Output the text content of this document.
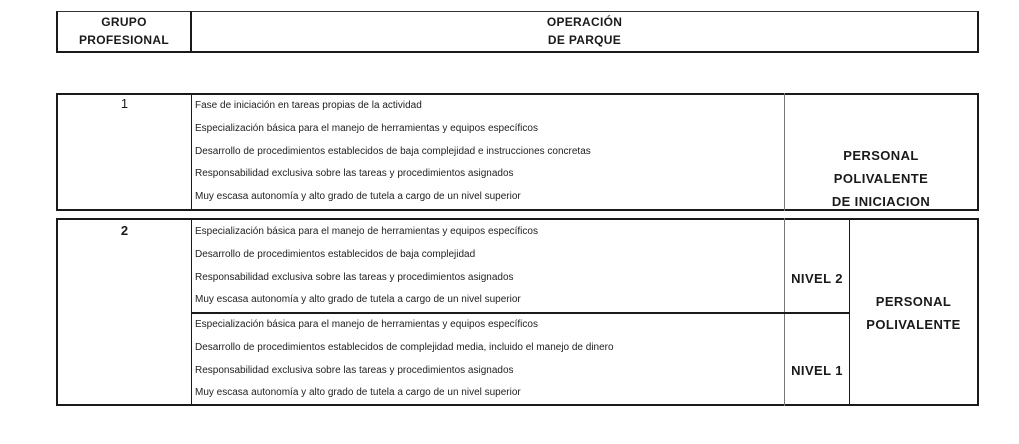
GRUPO
PROFESIONAL
OPERACIÓN
DE PARQUE
1	Fase de iniciación en tareas propias de la actividad
Especialización básica para el manejo de herramientas y equipos específicos
Desarrollo de procedimientos establecidos de baja complejidad e instrucciones concretas
Responsabilidad exclusiva sobre las tareas y procedimientos asignados
Muy escasa autonomía y alto grado de tutela a cargo de un nivel superior
PERSONAL
POLIVALENTE
DE INICIACION
2	Especialización básica para el manejo de herramientas y equipos específicos
Desarrollo de procedimientos establecidos de baja complejidad
Responsabilidad exclusiva sobre las tareas y procedimientos asignados
Muy escasa autonomía y alto grado de tutela a cargo de un nivel superior
NIVEL 2
Especialización básica para el manejo de herramientas y equipos específicos
Desarrollo de procedimientos establecidos de complejidad media, incluido el manejo de dinero
Responsabilidad exclusiva sobre las tareas y procedimientos asignados
Muy escasa autonomía y alto grado de tutela a cargo de un nivel superior
NIVEL 1
PERSONAL
POLIVALENTE
